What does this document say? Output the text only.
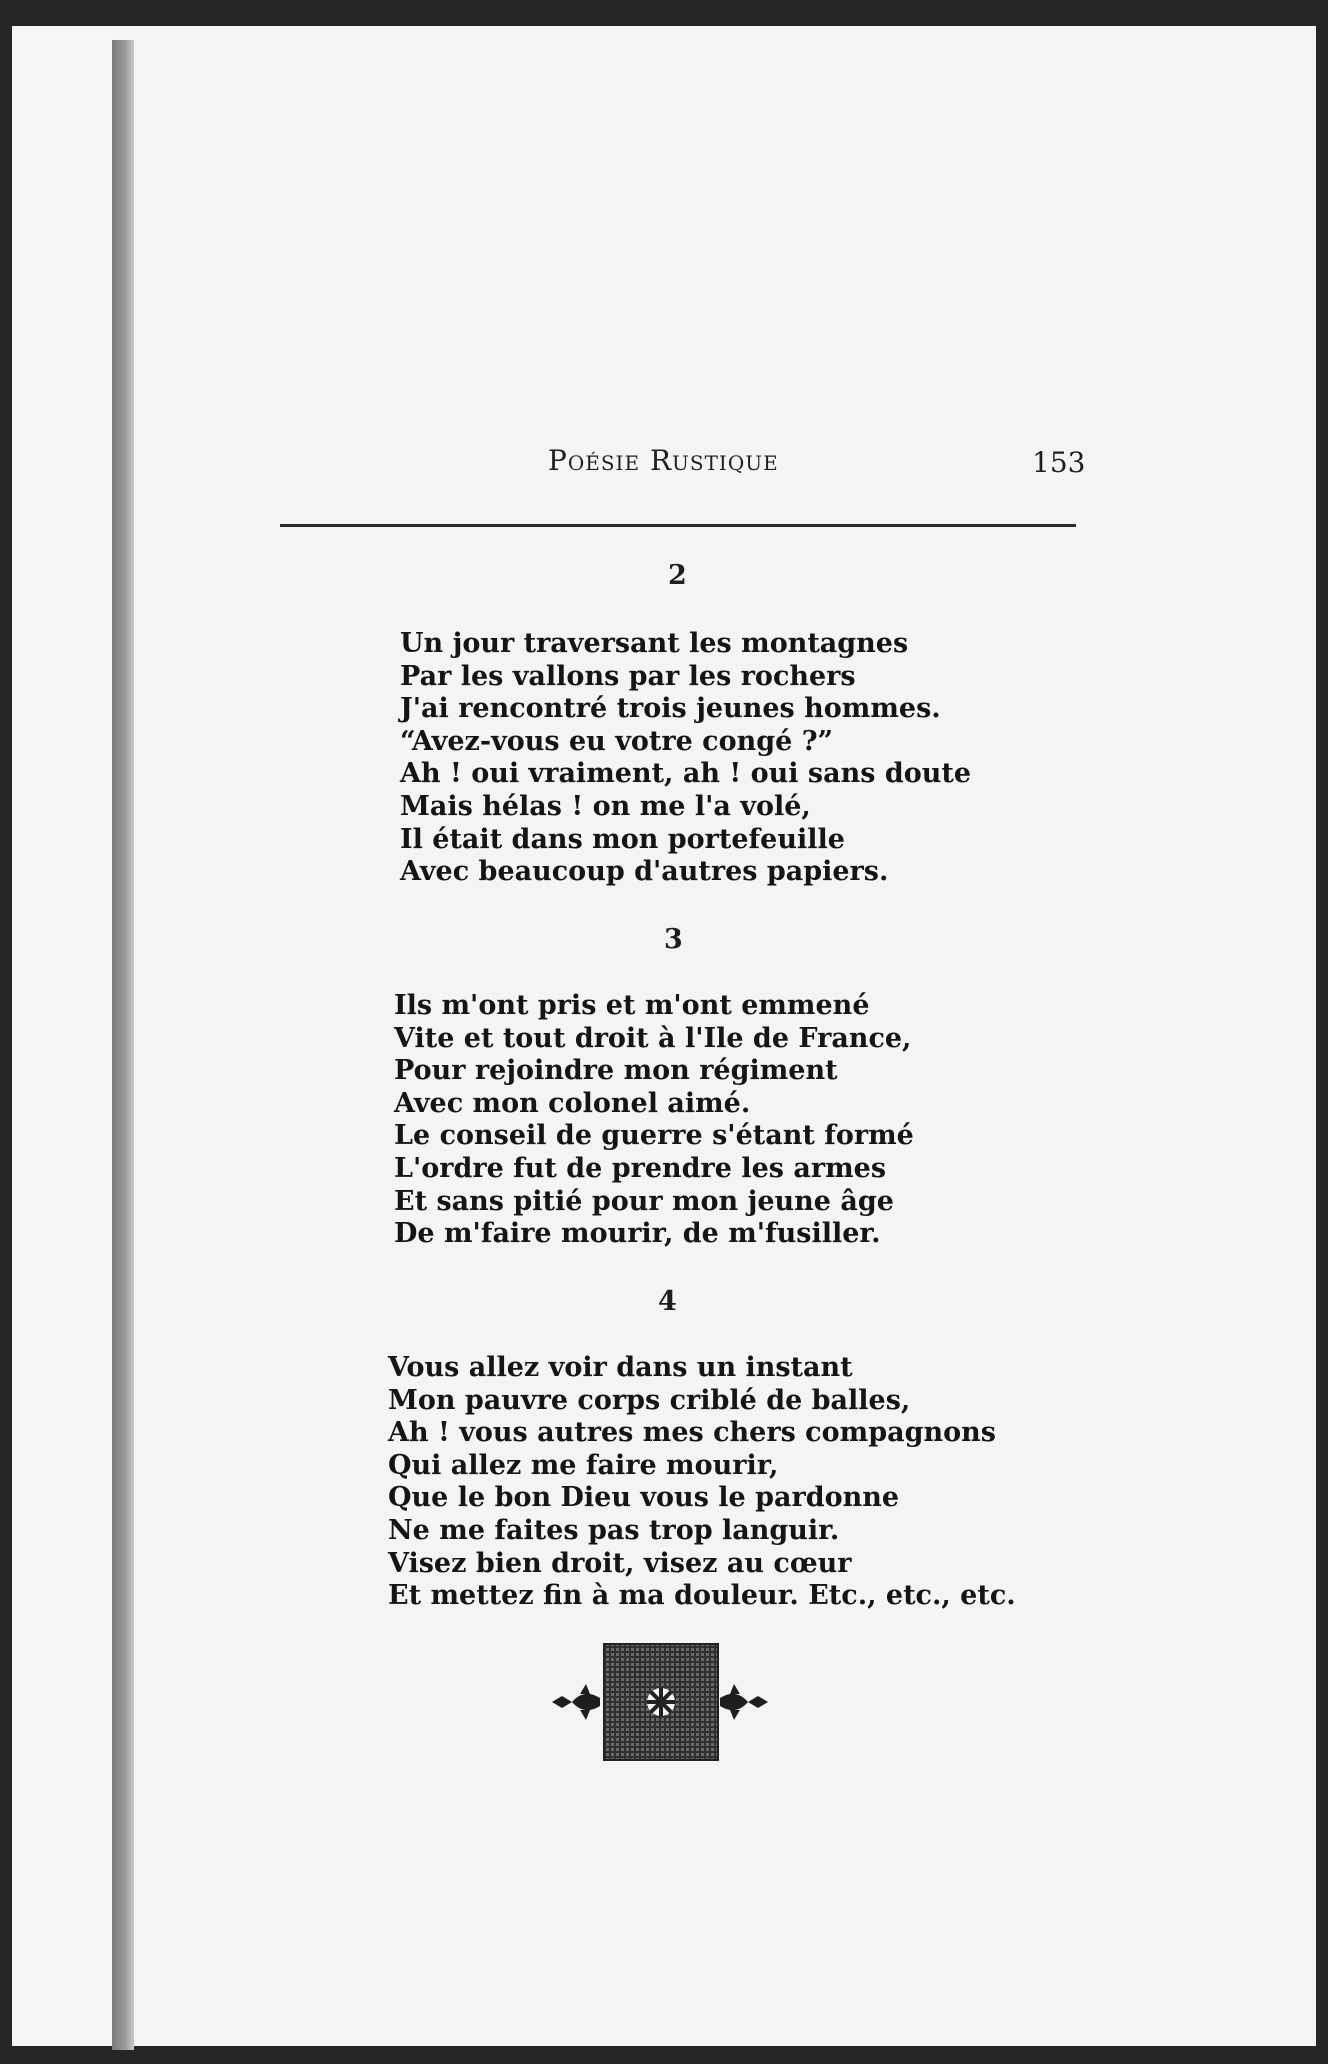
Poésie Rustique	153
2
Un jour traversant les montagnes
Par les vallons par les rochers
J'ai rencontré trois jeunes hommes.
“Avez-vous eu votre congé ?”
Ah ! oui vraiment, ah ! oui sans doute
Mais hélas ! on me l'a volé,
Il était dans mon portefeuille
Avec beaucoup d'autres papiers.
3
Ils m'ont pris et m'ont emmené
Vite et tout droit à l'Ile de France,
Pour rejoindre mon régiment
Avec mon colonel aimé.
Le conseil de guerre s'étant formé
L'ordre fut de prendre les armes
Et sans pitié pour mon jeune âge
De m'faire mourir, de m'fusiller.
4
Vous allez voir dans un instant
Mon pauvre corps criblé de balles,
Ah ! vous autres mes chers compagnons
Qui allez me faire mourir,
Que le bon Dieu vous le pardonne
Ne me faites pas trop languir.
Visez bien droit, visez au cœur
Et mettez fin à ma douleur. Etc., etc., etc.
